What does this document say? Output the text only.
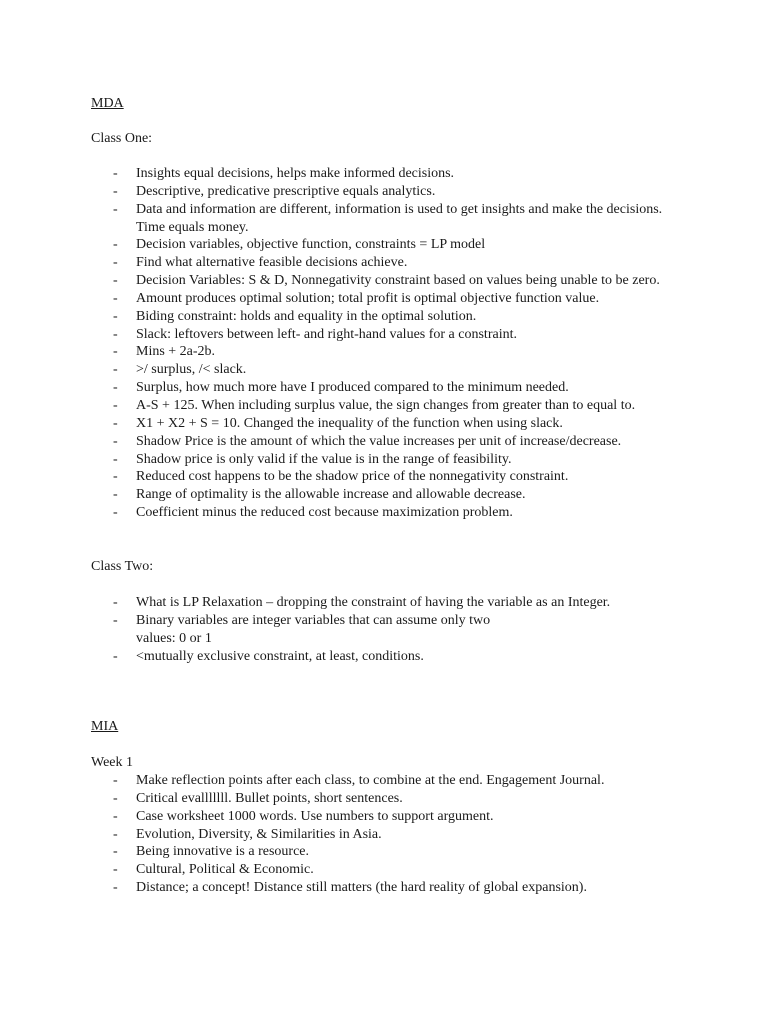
MDA
Class One:
- Insights equal decisions, helps make informed decisions.
- Descriptive, predicative prescriptive equals analytics.
- Data and information are different, information is used to get insights and make the decisions. Time equals money.
- Decision variables, objective function, constraints = LP model
- Find what alternative feasible decisions achieve.
- Decision Variables: S & D, Nonnegativity constraint based on values being unable to be zero.
- Amount produces optimal solution; total profit is optimal objective function value.
- Biding constraint: holds and equality in the optimal solution.
- Slack: leftovers between left- and right-hand values for a constraint.
- Mins + 2a-2b.
- >/ surplus, /< slack.
- Surplus, how much more have I produced compared to the minimum needed.
- A-S + 125. When including surplus value, the sign changes from greater than to equal to.
- X1 + X2 + S = 10. Changed the inequality of the function when using slack.
- Shadow Price is the amount of which the value increases per unit of increase/decrease.
- Shadow price is only valid if the value is in the range of feasibility.
- Reduced cost happens to be the shadow price of the nonnegativity constraint.
- Range of optimality is the allowable increase and allowable decrease.
- Coefficient minus the reduced cost because maximization problem.
Class Two:
- What is LP Relaxation – dropping the constraint of having the variable as an Integer.
- Binary variables are integer variables that can assume only two
values: 0 or 1
- <mutually exclusive constraint, at least, conditions.
MIA
Week 1
- Make reflection points after each class, to combine at the end. Engagement Journal.
- Critical evalllllll. Bullet points, short sentences.
- Case worksheet 1000 words. Use numbers to support argument.
- Evolution, Diversity, & Similarities in Asia.
- Being innovative is a resource.
- Cultural, Political & Economic.
- Distance; a concept! Distance still matters (the hard reality of global expansion).
